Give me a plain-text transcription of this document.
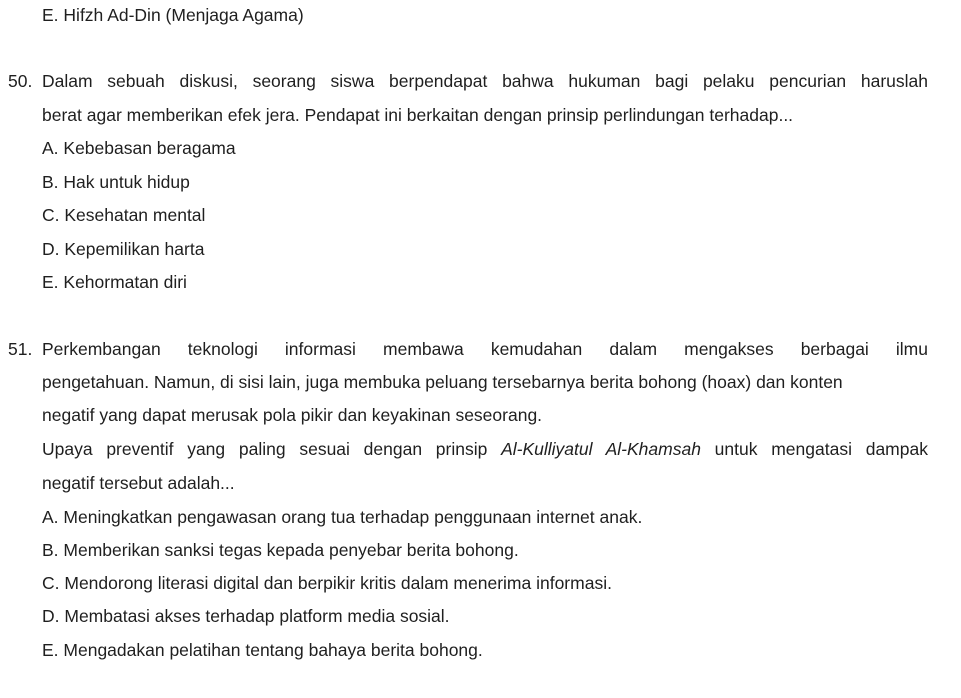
E. Hifzh Ad-Din (Menjaga Agama)
50. Dalam sebuah diskusi, seorang siswa berpendapat bahwa hukuman bagi pelaku pencurian haruslah
berat agar memberikan efek jera. Pendapat ini berkaitan dengan prinsip perlindungan terhadap...
A. Kebebasan beragama
B. Hak untuk hidup
C. Kesehatan mental
D. Kepemilikan harta
E. Kehormatan diri
51. Perkembangan teknologi informasi membawa kemudahan dalam mengakses berbagai ilmu
pengetahuan. Namun, di sisi lain, juga membuka peluang tersebarnya berita bohong (hoax) dan konten
negatif yang dapat merusak pola pikir dan keyakinan seseorang.
Upaya preventif yang paling sesuai dengan prinsip Al-Kulliyatul Al-Khamsah untuk mengatasi dampak
negatif tersebut adalah...
A. Meningkatkan pengawasan orang tua terhadap penggunaan internet anak.
B. Memberikan sanksi tegas kepada penyebar berita bohong.
C. Mendorong literasi digital dan berpikir kritis dalam menerima informasi.
D. Membatasi akses terhadap platform media sosial.
E. Mengadakan pelatihan tentang bahaya berita bohong.
